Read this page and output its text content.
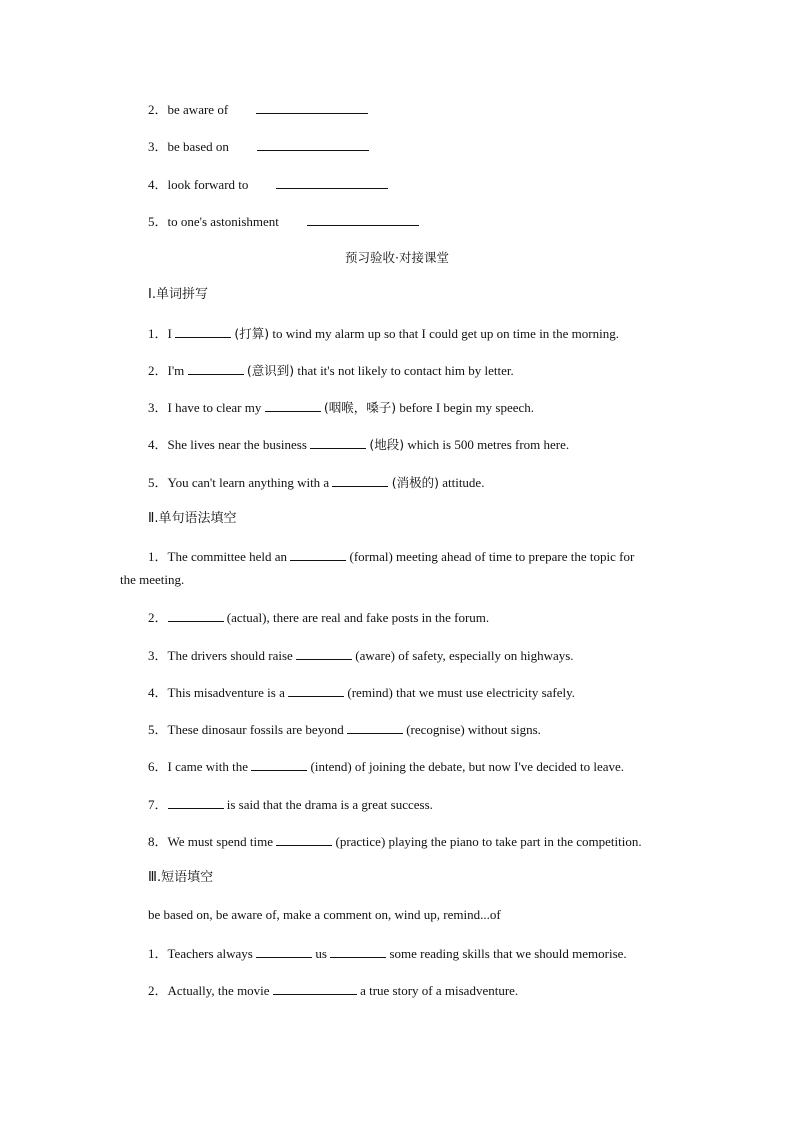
2．be aware of
3．be based on
4．look forward to
5．to one's astonishment
预习验收·对接课堂
Ⅰ.单词拼写
1．I	(打算) to wind my alarm up so that I could get up on time in the morning.
2．I'm	(意识到) that it's not likely to contact him by letter.
3．I have to clear my	(咽喉，嗓子) before I begin my speech.
4．She lives near the business	(地段) which is 500 metres from here.
5．You can't learn anything with a	(消极的) attitude.
Ⅱ.单句语法填空
1．The committee held an	(formal) meeting ahead of time to prepare the topic for
the meeting.
2．	(actual), there are real and fake posts in the forum.
3．The drivers should raise	(aware) of safety, especially on highways.
4．This misadventure is a	(remind) that we must use electricity safely.
5．These dinosaur fossils are beyond	(recognise) without signs.
6．I came with the	(intend) of joining the debate, but now I've decided to leave.
7．	is said that the drama is a great success.
8．We must spend time	(practice) playing the piano to take part in the competition.
Ⅲ.短语填空
be based on, be aware of, make a comment on, wind up, remind...of
1．Teachers always	us	some reading skills that we should memorise.
2．Actually, the movie	a true story of a misadventure.
